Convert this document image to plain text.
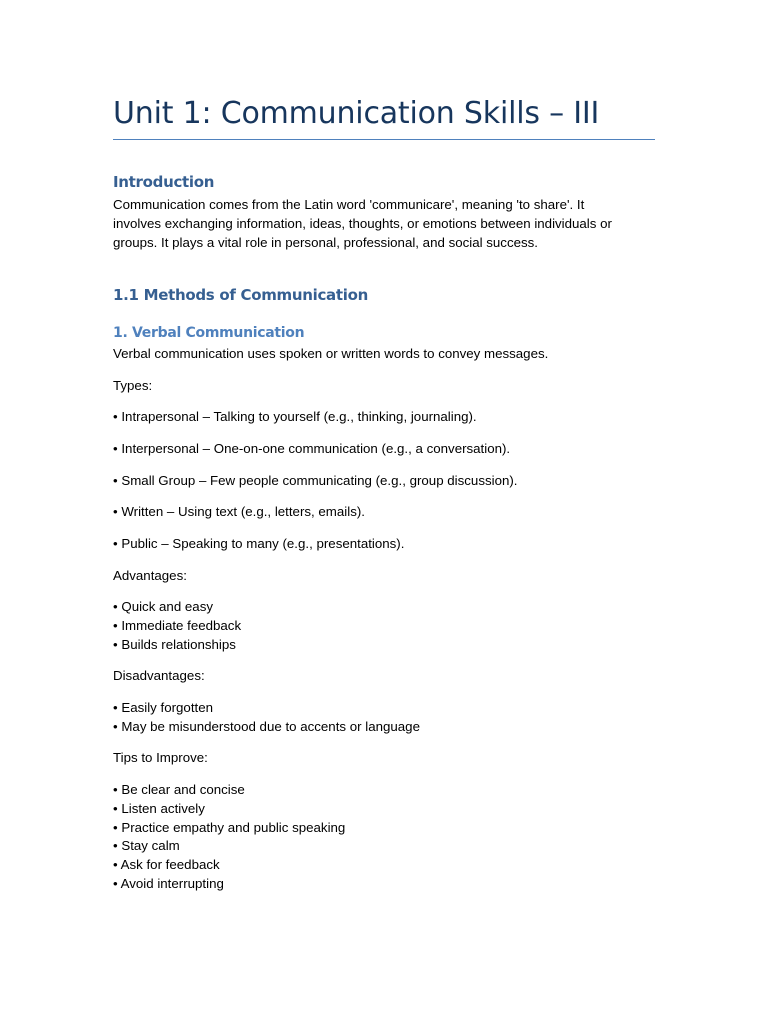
Unit 1: Communication Skills – III
Introduction

Communication comes from the Latin word 'communicare', meaning 'to share'. It
involves exchanging information, ideas, thoughts, or emotions between individuals or
groups. It plays a vital role in personal, professional, and social success.

1.1 Methods of Communication
1. Verbal Communication

Verbal communication uses spoken or written words to convey messages.

Types:

• Intrapersonal – Talking to yourself (e.g., thinking, journaling).

• Interpersonal – One-on-one communication (e.g., a conversation).

• Small Group – Few people communicating (e.g., group discussion).

• Written – Using text (e.g., letters, emails).

• Public – Speaking to many (e.g., presentations).

Advantages:

• Quick and easy
• Immediate feedback
• Builds relationships

Disadvantages:

• Easily forgotten
• May be misunderstood due to accents or language

Tips to Improve:

• Be clear and concise
• Listen actively
• Practice empathy and public speaking
• Stay calm
• Ask for feedback
• Avoid interrupting
